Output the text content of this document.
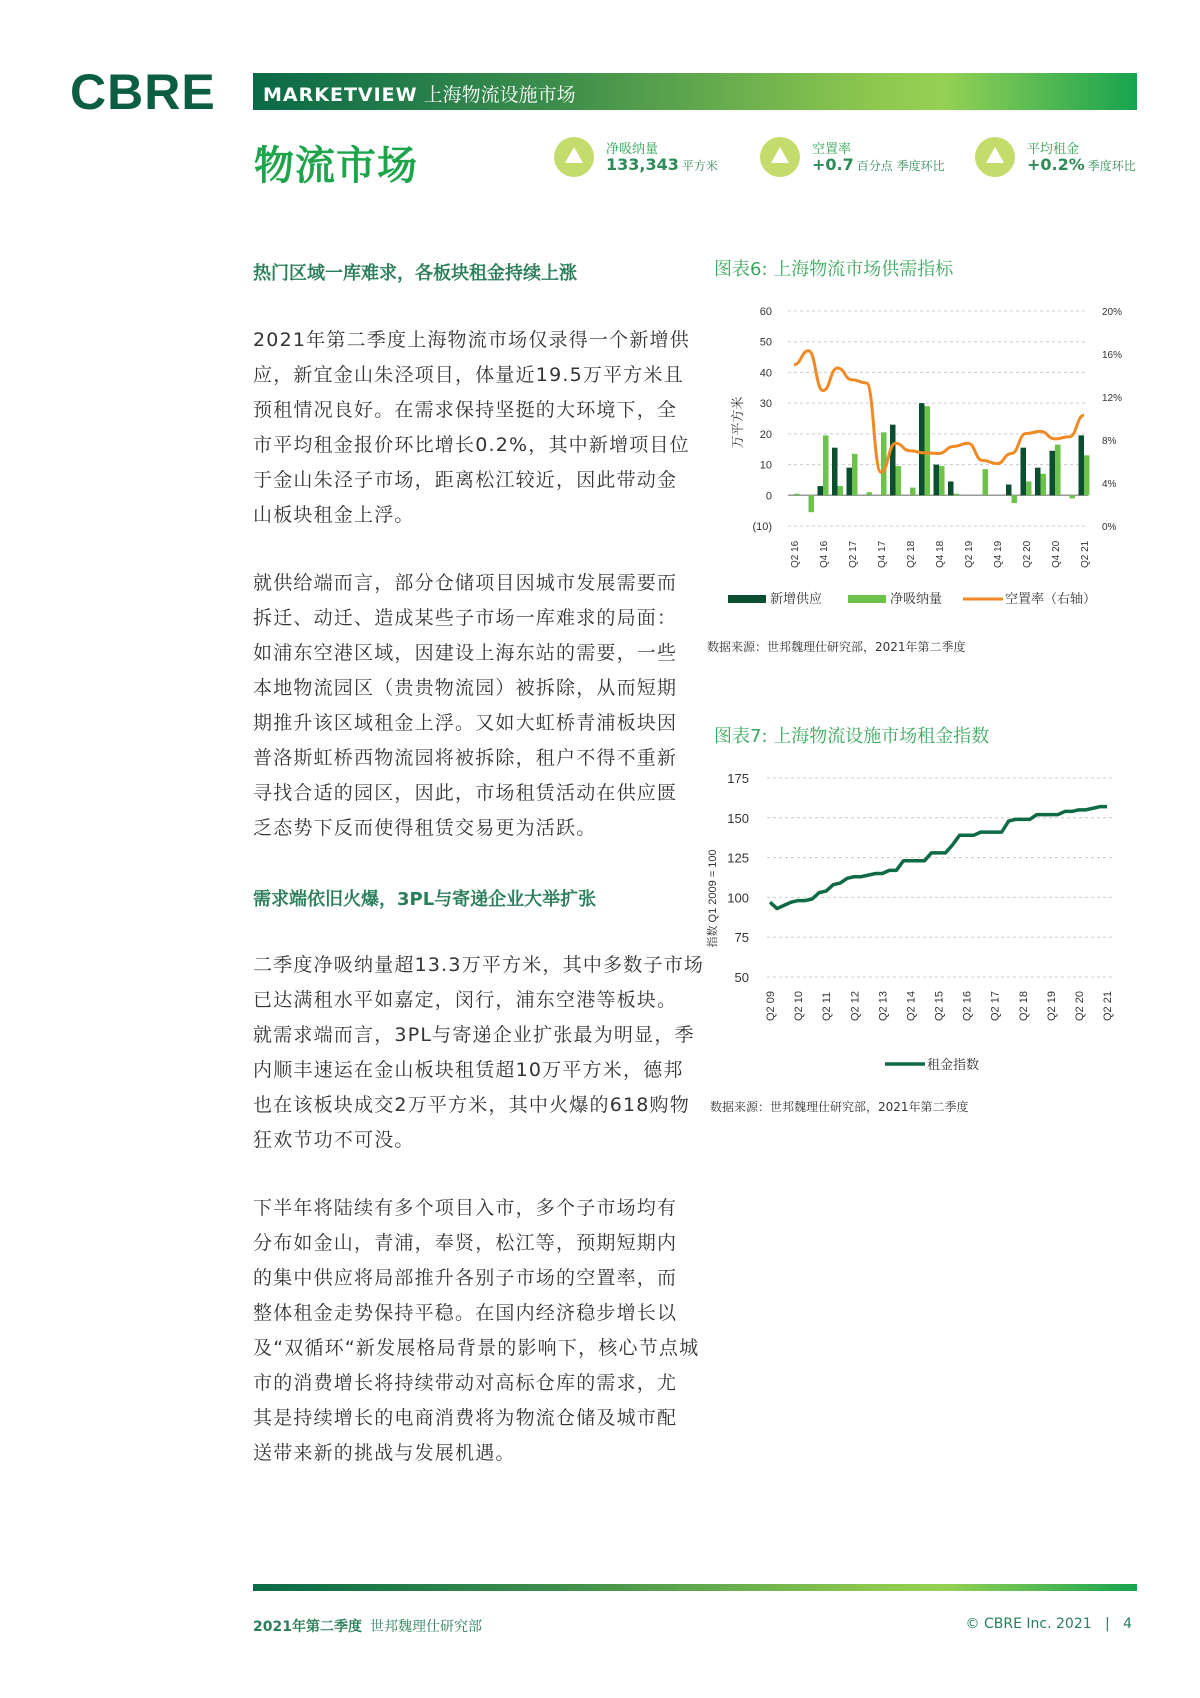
CBRE MARKETVIEW 上海物流设施市场
物流市场	净吸纳量
133,343 平方米
空置率
+0.7 百分点 季度环比
平均租金
+0.2% 季度环比
热门区域一库难求，各板块租金持续上涨
2021年第二季度上海物流市场仅录得一个新增供
应，新宜金山朱泾项目，体量近19.5万平方米且
预租情况良好。在需求保持坚挺的大环境下，全
市平均租金报价环比增长0.2%，其中新增项目位
于金山朱泾子市场，距离松江较近，因此带动金
山板块租金上浮。
就供给端而言，部分仓储项目因城市发展需要而
拆迁、动迁、造成某些子市场一库难求的局面：
如浦东空港区域，因建设上海东站的需要，一些
本地物流园区（贵贵物流园）被拆除，从而短期
期推升该区域租金上浮。又如大虹桥青浦板块因
普洛斯虹桥西物流园将被拆除，租户不得不重新
寻找合适的园区，因此，市场租赁活动在供应匮
乏态势下反而使得租赁交易更为活跃。
需求端依旧火爆，3PL与寄递企业大举扩张
二季度净吸纳量超13.3万平方米，其中多数子市场
已达满租水平如嘉定，闵行，浦东空港等板块。
就需求端而言，3PL与寄递企业扩张最为明显，季
内顺丰速运在金山板块租赁超10万平方米，德邦
也在该板块成交2万平方米，其中火爆的618购物
狂欢节功不可没。
下半年将陆续有多个项目入市，多个子市场均有
分布如金山，青浦，奉贤，松江等，预期短期内
的集中供应将局部推升各别子市场的空置率，而
整体租金走势保持平稳。在国内经济稳步增长以
及“双循环“新发展格局背景的影响下，核心节点城
市的消费增长将持续带动对高标仓库的需求，尤
其是持续增长的电商消费将为物流仓储及城市配
送带来新的挑战与发展机遇。
图表6: 上海物流市场供需指标
(10)
0
10
20
30
40
50
60
0%
4%
8%
12%
16%
20%
Q2 16 Q4 16 Q2 17 Q4 17 Q2 18 Q4 18 Q2 19 Q4 19 Q2 20 Q4 20 Q2 21
万平方米
新增供应	净吸纳量	空置率（右轴）
数据来源：世邦魏理仕研究部，2021年第二季度
图表7: 上海物流设施市场租金指数
50
75
100
125
150
175
Q2 09 Q2 10 Q2 11 Q2 12 Q2 13 Q2 14 Q2 15 Q2 16 Q2 17 Q2 18 Q2 19 Q2 20 Q2 21
指数 Q1 2009 = 100
租金指数
数据来源：世邦魏理仕研究部，2021年第二季度
2021年第二季度 世邦魏理仕研究部	© CBRE Inc. 2021 | 4
